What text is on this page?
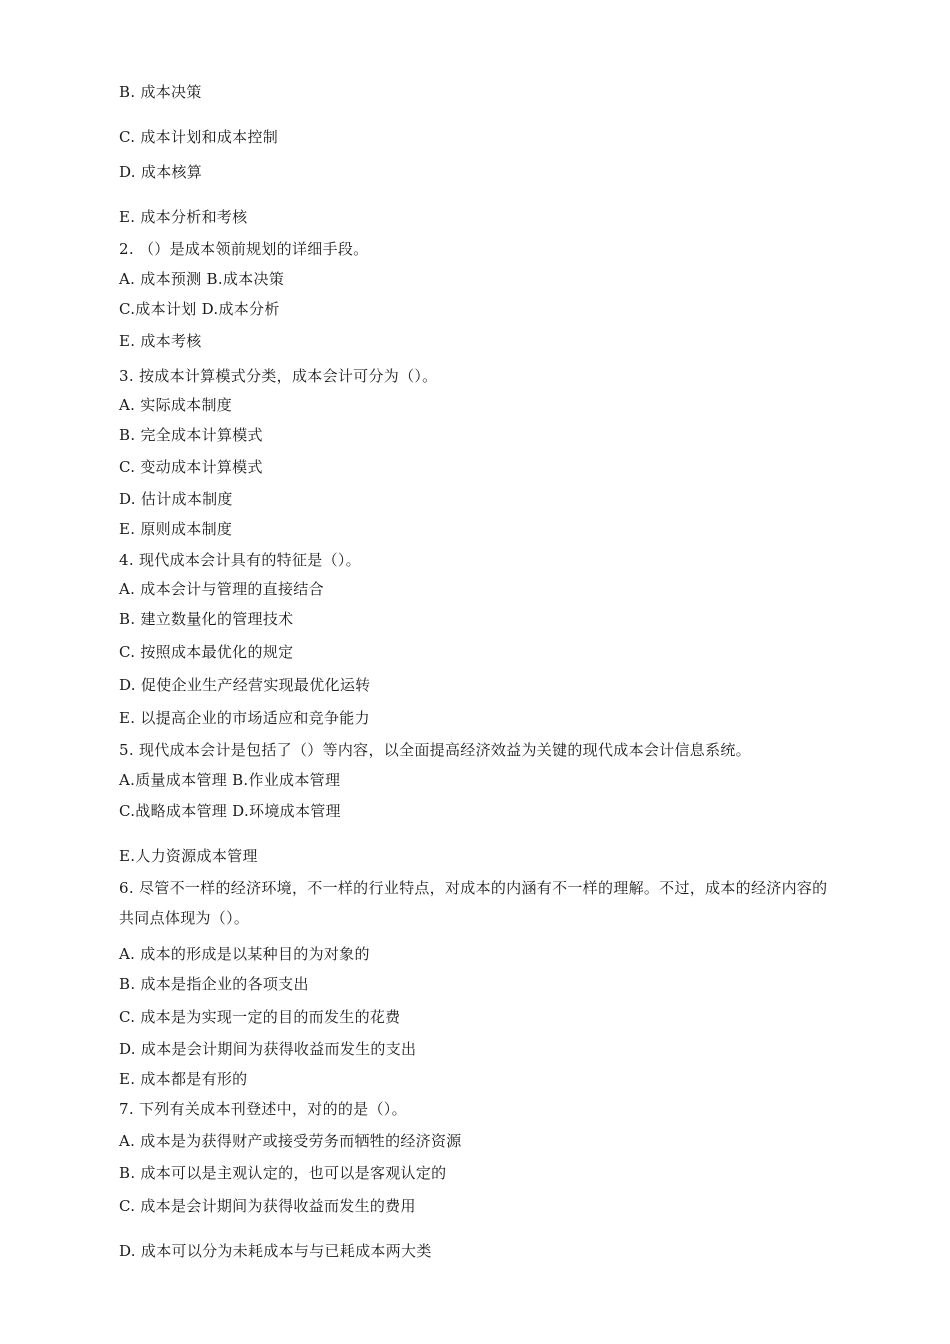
B. 成本决策
C. 成本计划和成本控制
D. 成本核算
E. 成本分析和考核
2. （）是成本领前规划的详细手段。
A. 成本预测 B.成本决策
C.成本计划 D.成本分析
E. 成本考核
3. 按成本计算模式分类，成本会计可分为（）。
A. 实际成本制度
B. 完全成本计算模式
C. 变动成本计算模式
D. 估计成本制度
E. 原则成本制度
4. 现代成本会计具有的特征是（）。
A. 成本会计与管理的直接结合
B. 建立数量化的管理技术
C. 按照成本最优化的规定
D. 促使企业生产经营实现最优化运转
E. 以提高企业的市场适应和竞争能力
5. 现代成本会计是包括了（）等内容，以全面提高经济效益为关键的现代成本会计信息系统。
A.质量成本管理 B.作业成本管理
C.战略成本管理 D.环境成本管理
E.人力资源成本管理
6. 尽管不一样的经济环境，不一样的行业特点，对成本的内涵有不一样的理解。不过，成本的经济内容的 共同点体现为（）。
A. 成本的形成是以某种目的为对象的
B. 成本是指企业的各项支出
C. 成本是为实现一定的目的而发生的花费
D. 成本是会计期间为获得收益而发生的支出
E. 成本都是有形的
7. 下列有关成本刊登述中，对的的是（）。
A. 成本是为获得财产或接受劳务而牺牲的经济资源
B. 成本可以是主观认定的，也可以是客观认定的
C. 成本是会计期间为获得收益而发生的费用
D. 成本可以分为未耗成本与与已耗成本两大类
